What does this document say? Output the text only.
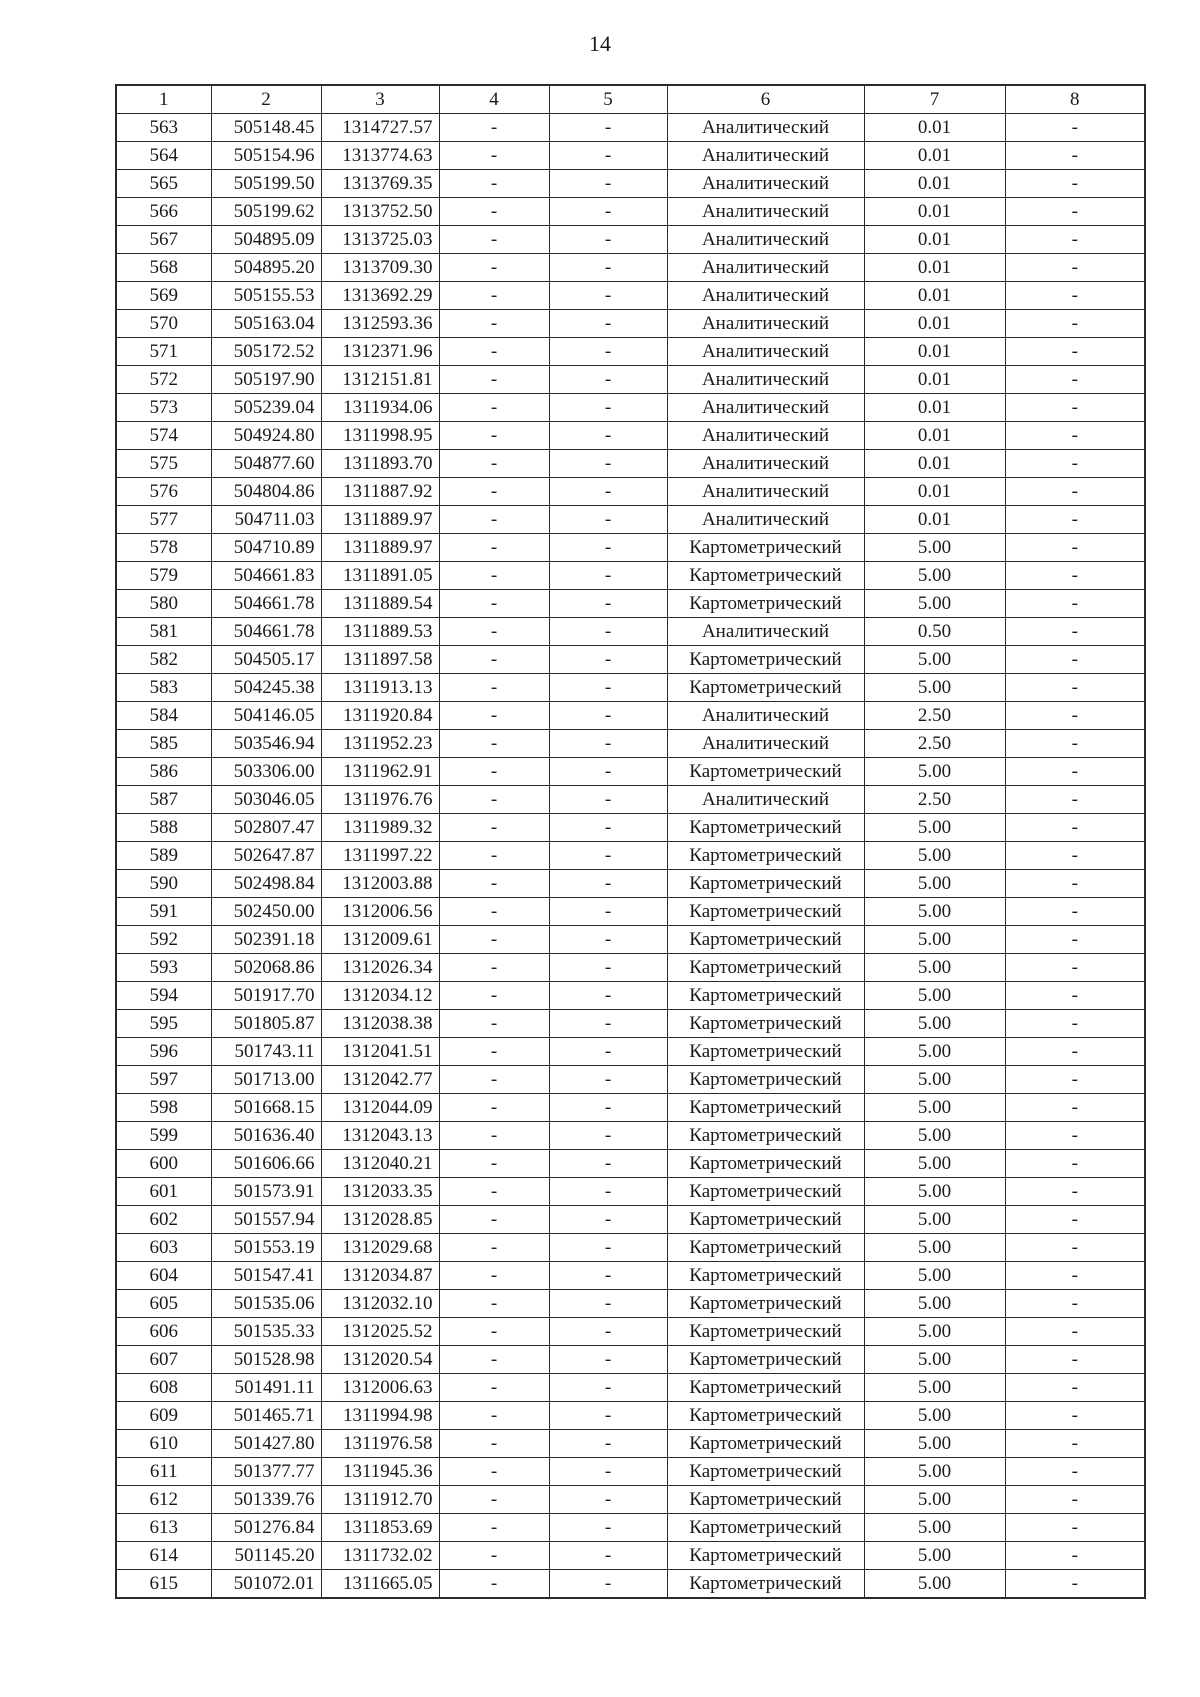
14
1	2	3	4	5	6	7	8
563	505148.45	1314727.57	-	-	Аналитический	0.01	-
564	505154.96	1313774.63	-	-	Аналитический	0.01	-
565	505199.50	1313769.35	-	-	Аналитический	0.01	-
566	505199.62	1313752.50	-	-	Аналитический	0.01	-
567	504895.09	1313725.03	-	-	Аналитический	0.01	-
568	504895.20	1313709.30	-	-	Аналитический	0.01	-
569	505155.53	1313692.29	-	-	Аналитический	0.01	-
570	505163.04	1312593.36	-	-	Аналитический	0.01	-
571	505172.52	1312371.96	-	-	Аналитический	0.01	-
572	505197.90	1312151.81	-	-	Аналитический	0.01	-
573	505239.04	1311934.06	-	-	Аналитический	0.01	-
574	504924.80	1311998.95	-	-	Аналитический	0.01	-
575	504877.60	1311893.70	-	-	Аналитический	0.01	-
576	504804.86	1311887.92	-	-	Аналитический	0.01	-
577	504711.03	1311889.97	-	-	Аналитический	0.01	-
578	504710.89	1311889.97	-	-	Картометрический	5.00	-
579	504661.83	1311891.05	-	-	Картометрический	5.00	-
580	504661.78	1311889.54	-	-	Картометрический	5.00	-
581	504661.78	1311889.53	-	-	Аналитический	0.50	-
582	504505.17	1311897.58	-	-	Картометрический	5.00	-
583	504245.38	1311913.13	-	-	Картометрический	5.00	-
584	504146.05	1311920.84	-	-	Аналитический	2.50	-
585	503546.94	1311952.23	-	-	Аналитический	2.50	-
586	503306.00	1311962.91	-	-	Картометрический	5.00	-
587	503046.05	1311976.76	-	-	Аналитический	2.50	-
588	502807.47	1311989.32	-	-	Картометрический	5.00	-
589	502647.87	1311997.22	-	-	Картометрический	5.00	-
590	502498.84	1312003.88	-	-	Картометрический	5.00	-
591	502450.00	1312006.56	-	-	Картометрический	5.00	-
592	502391.18	1312009.61	-	-	Картометрический	5.00	-
593	502068.86	1312026.34	-	-	Картометрический	5.00	-
594	501917.70	1312034.12	-	-	Картометрический	5.00	-
595	501805.87	1312038.38	-	-	Картометрический	5.00	-
596	501743.11	1312041.51	-	-	Картометрический	5.00	-
597	501713.00	1312042.77	-	-	Картометрический	5.00	-
598	501668.15	1312044.09	-	-	Картометрический	5.00	-
599	501636.40	1312043.13	-	-	Картометрический	5.00	-
600	501606.66	1312040.21	-	-	Картометрический	5.00	-
601	501573.91	1312033.35	-	-	Картометрический	5.00	-
602	501557.94	1312028.85	-	-	Картометрический	5.00	-
603	501553.19	1312029.68	-	-	Картометрический	5.00	-
604	501547.41	1312034.87	-	-	Картометрический	5.00	-
605	501535.06	1312032.10	-	-	Картометрический	5.00	-
606	501535.33	1312025.52	-	-	Картометрический	5.00	-
607	501528.98	1312020.54	-	-	Картометрический	5.00	-
608	501491.11	1312006.63	-	-	Картометрический	5.00	-
609	501465.71	1311994.98	-	-	Картометрический	5.00	-
610	501427.80	1311976.58	-	-	Картометрический	5.00	-
611	501377.77	1311945.36	-	-	Картометрический	5.00	-
612	501339.76	1311912.70	-	-	Картометрический	5.00	-
613	501276.84	1311853.69	-	-	Картометрический	5.00	-
614	501145.20	1311732.02	-	-	Картометрический	5.00	-
615	501072.01	1311665.05	-	-	Картометрический	5.00	-
